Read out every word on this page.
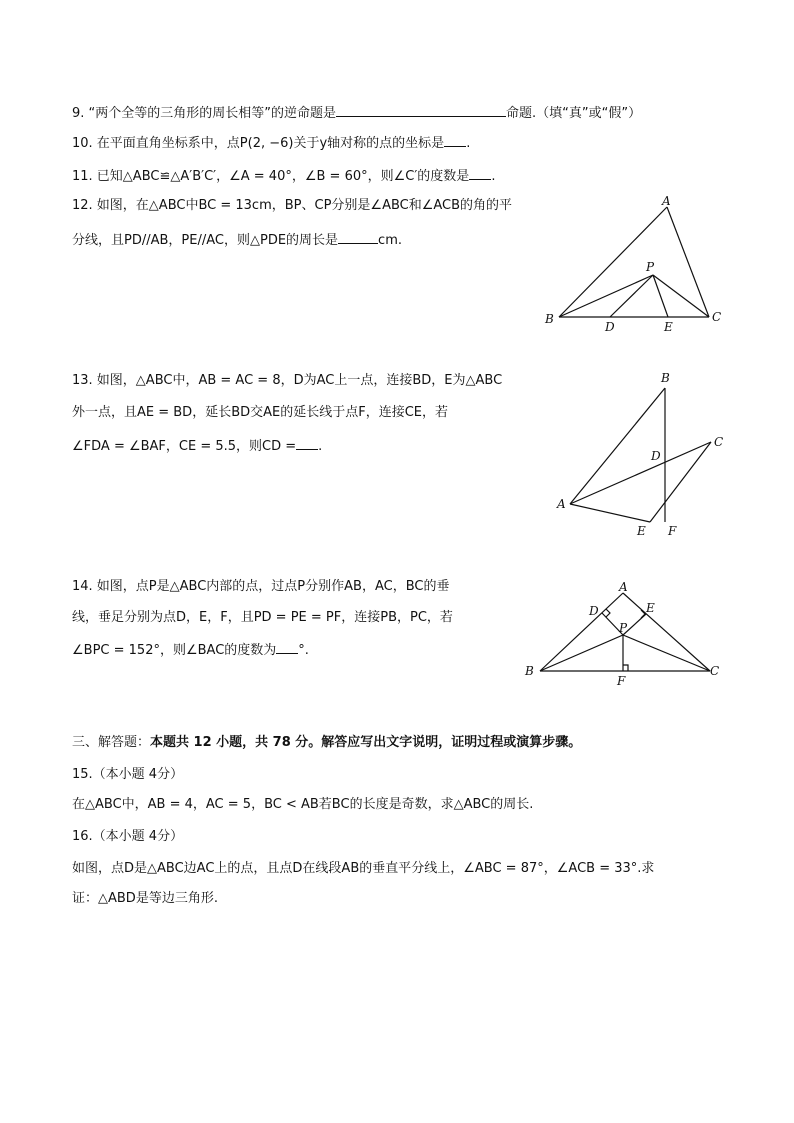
9. “两个全等的三角形的周长相等”的逆命题是	命题.（填“真”或“假”）
10. 在平面直角坐标系中，点P(2, −6)关于y轴对称的点的坐标是 .
11. 已知△ABC≌△A′B′C′，∠A = 40°，∠B = 60°，则∠C′的度数是 .
12. 如图，在△ABC中BC = 13cm，BP、CP分别是∠ABC和∠ACB的角的平
分线，且PD//AB，PE//AC，则△PDE的周长是	cm.
A
B	C
P
D	E
13. 如图，△ABC中，AB = AC = 8，D为AC上一点，连接BD，E为△ABC
外一点，且AE = BD，延长BD交AE的延长线于点F，连接CE，若
∠FDA = ∠BAF，CE = 5.5，则CD = .
B
C
D
A
E F
14. 如图，点P是△ABC内部的点，过点P分别作AB，AC，BC的垂
线，垂足分别为点D，E，F，且PD = PE = PF，连接PB，PC，若
∠BPC = 152°，则∠BAC的度数为 °.
A
D	E
P
B	C
F
三、解答题：本题共 12 小题，共 78 分。解答应写出文字说明，证明过程或演算步骤。
15.（本小题 4分）
在△ABC中，AB = 4，AC = 5，BC < AB若BC的长度是奇数，求△ABC的周长.
16.（本小题 4分）
如图，点D是△ABC边AC上的点，且点D在线段AB的垂直平分线上，∠ABC = 87°，∠ACB = 33°.求
证：△ABD是等边三角形.
